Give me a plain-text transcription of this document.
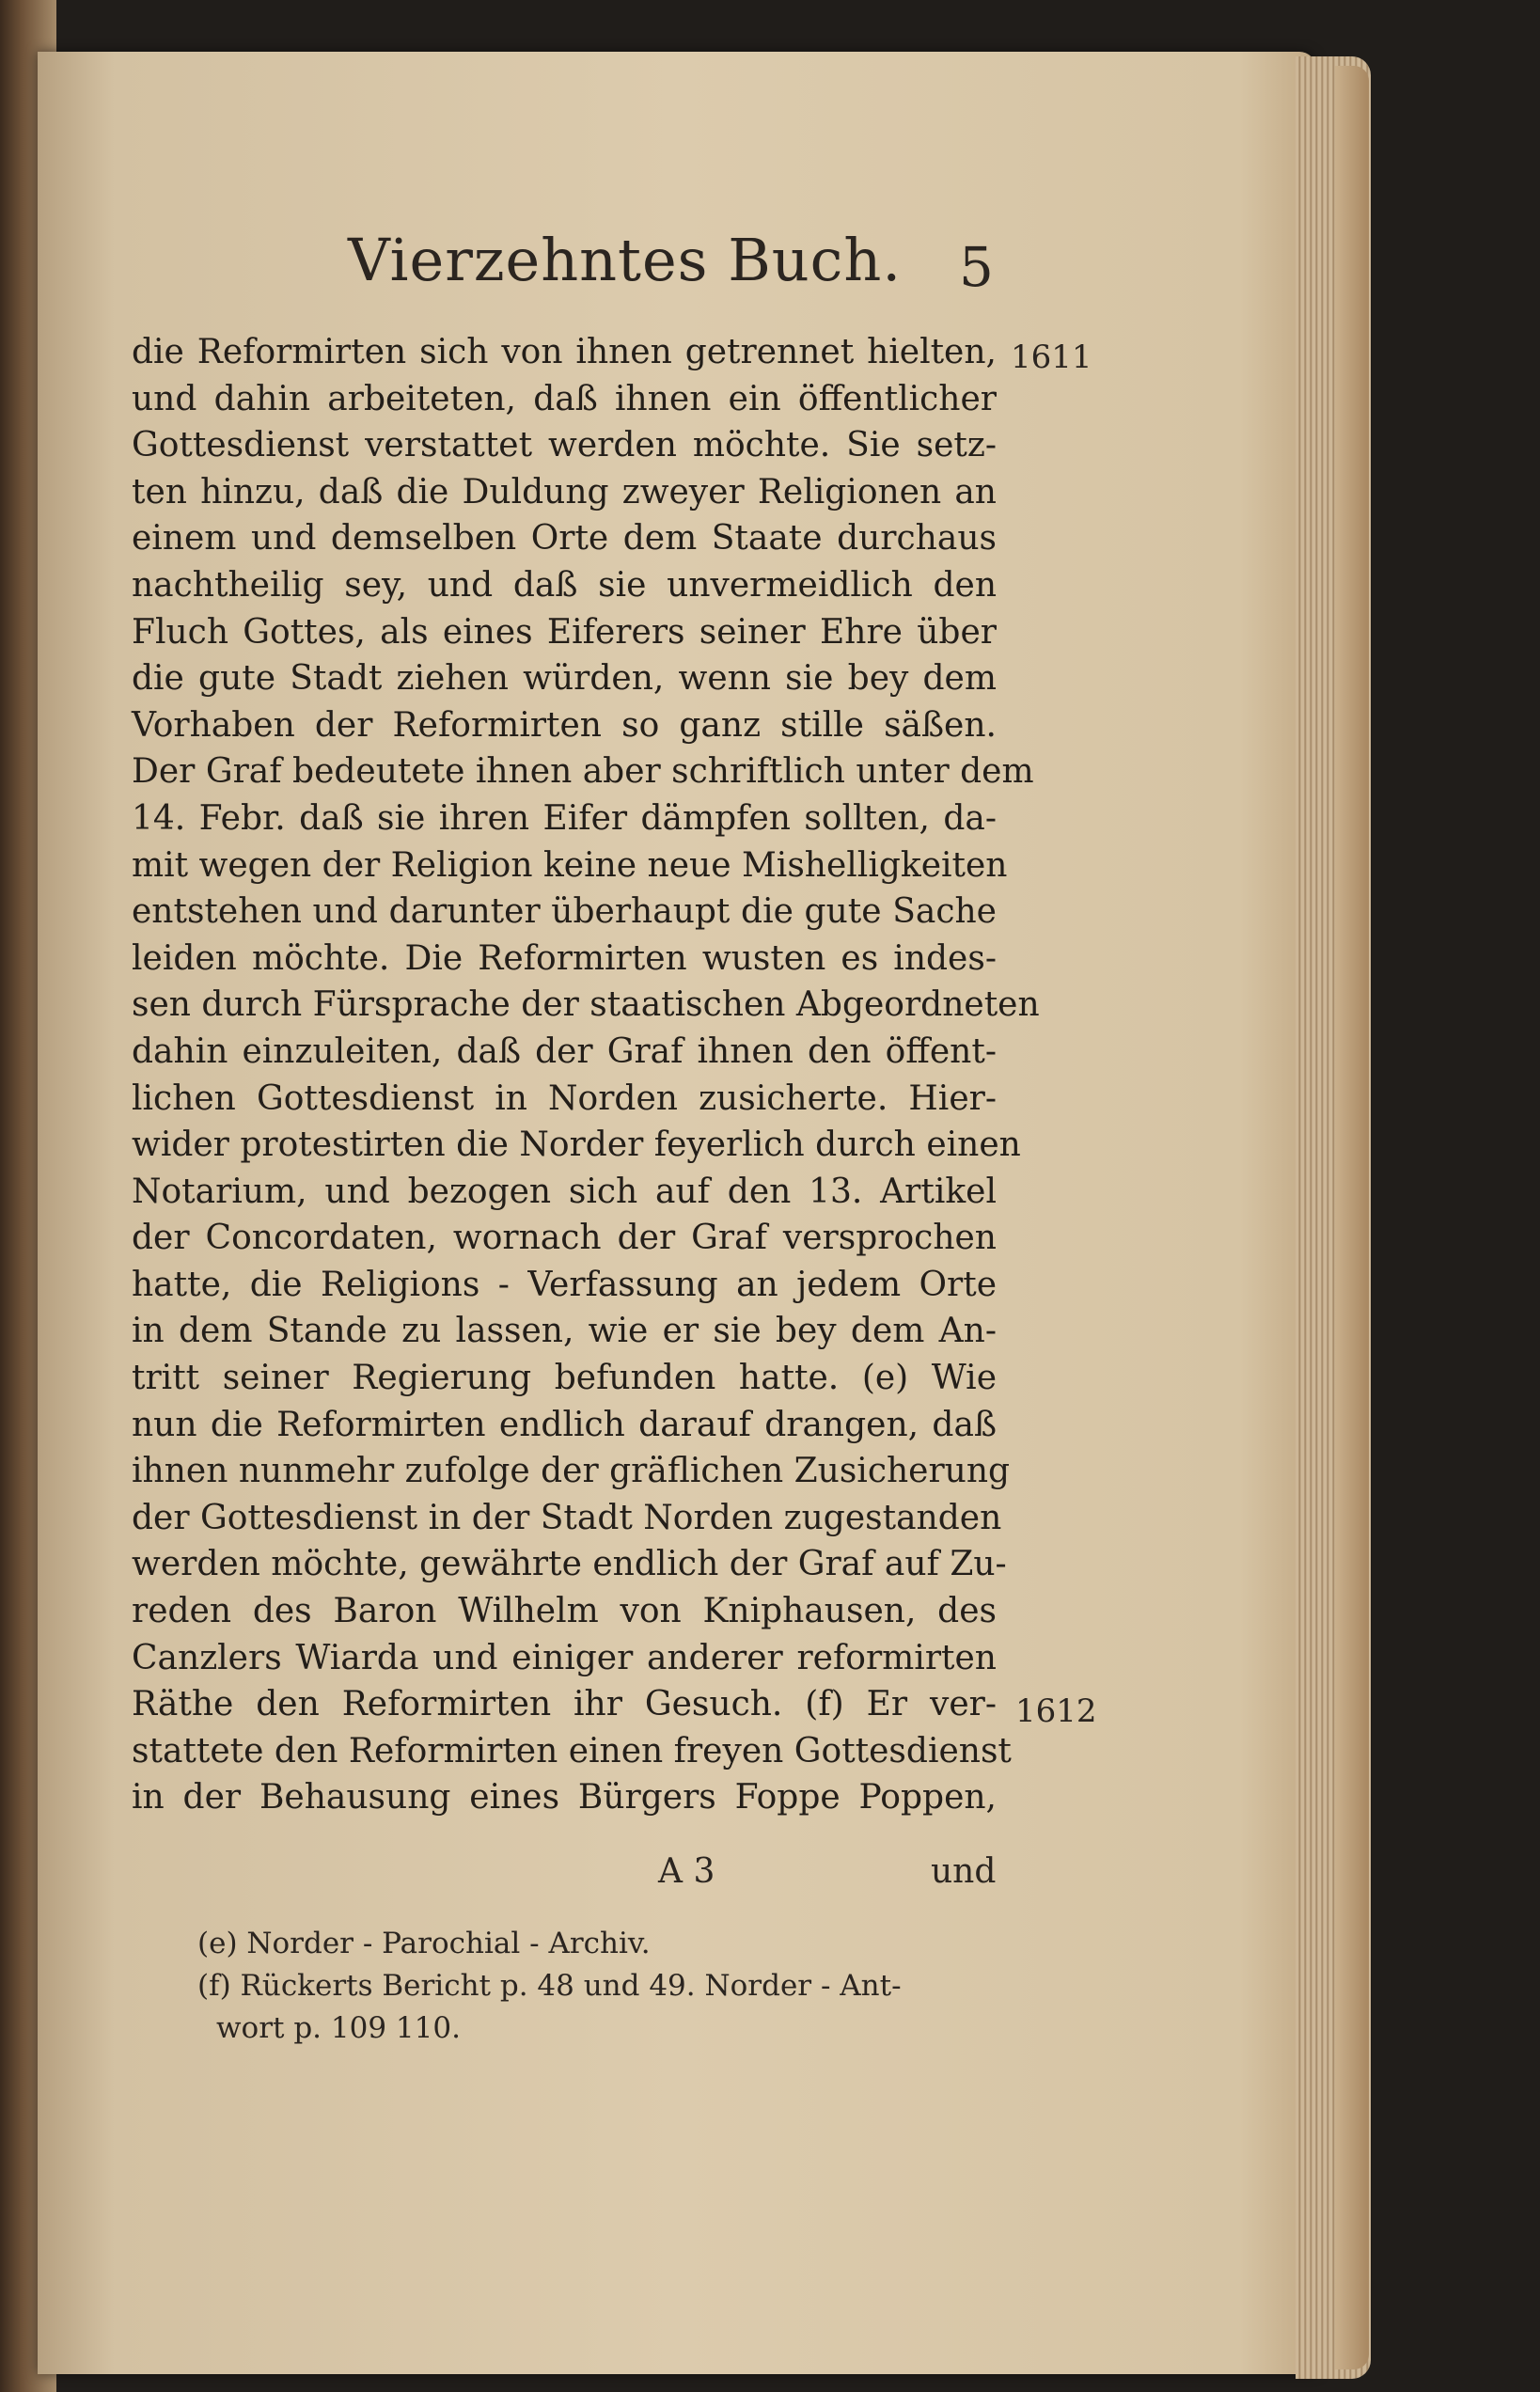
Vierzehntes Buch. 5
1611
1612
die Reformirten sich von ihnen getrennet hielten,
und dahin arbeiteten, daß ihnen ein öffentlicher
Gottesdienst verstattet werden möchte. Sie setz-
ten hinzu, daß die Duldung zweyer Religionen an
einem und demselben Orte dem Staate durchaus
nachtheilig sey, und daß sie unvermeidlich den
Fluch Gottes, als eines Eiferers seiner Ehre über
die gute Stadt ziehen würden, wenn sie bey dem
Vorhaben der Reformirten so ganz stille säßen.
Der Graf bedeutete ihnen aber schriftlich unter dem
14. Febr. daß sie ihren Eifer dämpfen sollten, da-
mit wegen der Religion keine neue Mishelligkeiten
entstehen und darunter überhaupt die gute Sache
leiden möchte. Die Reformirten wusten es indes-
sen durch Fürsprache der staatischen Abgeordneten
dahin einzuleiten, daß der Graf ihnen den öffent-
lichen Gottesdienst in Norden zusicherte. Hier-
wider protestirten die Norder feyerlich durch einen
Notarium, und bezogen sich auf den 13. Artikel
der Concordaten, wornach der Graf versprochen
hatte, die Religions - Verfassung an jedem Orte
in dem Stande zu lassen, wie er sie bey dem An-
tritt seiner Regierung befunden hatte. (e) Wie
nun die Reformirten endlich darauf drangen, daß
ihnen nunmehr zufolge der gräflichen Zusicherung
der Gottesdienst in der Stadt Norden zugestanden
werden möchte, gewährte endlich der Graf auf Zu-
reden des Baron Wilhelm von Kniphausen, des
Canzlers Wiarda und einiger anderer reformirten
Räthe den Reformirten ihr Gesuch. (f) Er ver-
stattete den Reformirten einen freyen Gottesdienst
in der Behausung eines Bürgers Foppe Poppen,
A 3	und
(e) Norder - Parochial - Archiv.
(f) Rückerts Bericht p. 48 und 49. Norder - Ant-
wort p. 109 110.
